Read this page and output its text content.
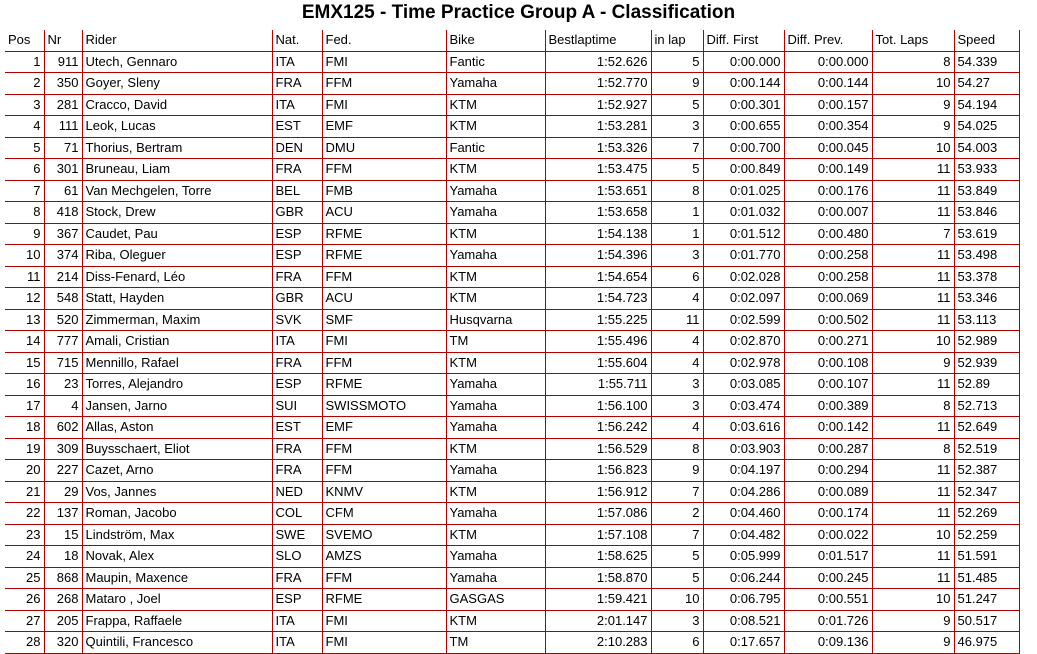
EMX125 - Time Practice Group A - Classification
Pos	Nr	Rider	Nat.	Fed.	Bike	Bestlaptime	in lap	Diff. First	Diff. Prev.	Tot. Laps	Speed
1	911	Utech, Gennaro	ITA	FMI	Fantic	1:52.626	5	0:00.000	0:00.000	8	54.339
2	350	Goyer, Sleny	FRA	FFM	Yamaha	1:52.770	9	0:00.144	0:00.144	10	54.27
3	281	Cracco, David	ITA	FMI	KTM	1:52.927	5	0:00.301	0:00.157	9	54.194
4	111	Leok, Lucas	EST	EMF	KTM	1:53.281	3	0:00.655	0:00.354	9	54.025
5	71	Thorius, Bertram	DEN	DMU	Fantic	1:53.326	7	0:00.700	0:00.045	10	54.003
6	301	Bruneau, Liam	FRA	FFM	KTM	1:53.475	5	0:00.849	0:00.149	11	53.933
7	61	Van Mechgelen, Torre	BEL	FMB	Yamaha	1:53.651	8	0:01.025	0:00.176	11	53.849
8	418	Stock, Drew	GBR	ACU	Yamaha	1:53.658	1	0:01.032	0:00.007	11	53.846
9	367	Caudet, Pau	ESP	RFME	KTM	1:54.138	1	0:01.512	0:00.480	7	53.619
10	374	Riba, Oleguer	ESP	RFME	Yamaha	1:54.396	3	0:01.770	0:00.258	11	53.498
11	214	Diss-Fenard, Léo	FRA	FFM	KTM	1:54.654	6	0:02.028	0:00.258	11	53.378
12	548	Statt, Hayden	GBR	ACU	KTM	1:54.723	4	0:02.097	0:00.069	11	53.346
13	520	Zimmerman, Maxim	SVK	SMF	Husqvarna	1:55.225	11	0:02.599	0:00.502	11	53.113
14	777	Amali, Cristian	ITA	FMI	TM	1:55.496	4	0:02.870	0:00.271	10	52.989
15	715	Mennillo, Rafael	FRA	FFM	KTM	1:55.604	4	0:02.978	0:00.108	9	52.939
16	23	Torres, Alejandro	ESP	RFME	Yamaha	1:55.711	3	0:03.085	0:00.107	11	52.89
17	4	Jansen, Jarno	SUI	SWISSMOTO	Yamaha	1:56.100	3	0:03.474	0:00.389	8	52.713
18	602	Allas, Aston	EST	EMF	Yamaha	1:56.242	4	0:03.616	0:00.142	11	52.649
19	309	Buysschaert, Eliot	FRA	FFM	KTM	1:56.529	8	0:03.903	0:00.287	8	52.519
20	227	Cazet, Arno	FRA	FFM	Yamaha	1:56.823	9	0:04.197	0:00.294	11	52.387
21	29	Vos, Jannes	NED	KNMV	KTM	1:56.912	7	0:04.286	0:00.089	11	52.347
22	137	Roman, Jacobo	COL	CFM	Yamaha	1:57.086	2	0:04.460	0:00.174	11	52.269
23	15	Lindström, Max	SWE	SVEMO	KTM	1:57.108	7	0:04.482	0:00.022	10	52.259
24	18	Novak, Alex	SLO	AMZS	Yamaha	1:58.625	5	0:05.999	0:01.517	11	51.591
25	868	Maupin, Maxence	FRA	FFM	Yamaha	1:58.870	5	0:06.244	0:00.245	11	51.485
26	268	Mataro , Joel	ESP	RFME	GASGAS	1:59.421	10	0:06.795	0:00.551	10	51.247
27	205	Frappa, Raffaele	ITA	FMI	KTM	2:01.147	3	0:08.521	0:01.726	9	50.517
28	320	Quintili, Francesco	ITA	FMI	TM	2:10.283	6	0:17.657	0:09.136	9	46.975
